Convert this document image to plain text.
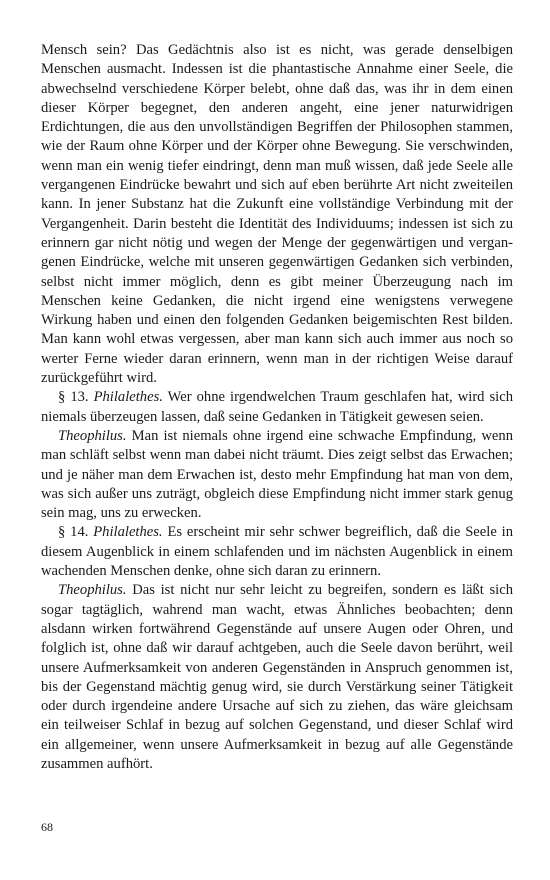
Mensch sein? Das Gedächtnis also ist es nicht, was gerade denselbigen Menschen ausmacht. Indessen ist die phantastische Annahme einer Seele, die abwechselnd verschiedene Körper belebt, ohne daß das, was ihr in dem einen dieser Körper begegnet, den anderen angeht, eine jener naturwidrigen Erdichtungen, die aus den unvollständigen Begriffen der Philosophen stammen, wie der Raum ohne Körper und der Körper ohne Bewegung. Sie verschwinden, wenn man ein wenig tiefer eindringt, denn man muß wissen, daß jede Seele alle vergangenen Eindrücke bewahrt und sich auf eben berührte Art nicht zweiteilen kann. In jener Substanz hat die Zukunft eine vollständige Verbindung mit der Vergangenheit. Darin besteht die Identität des Individuums; indessen ist sich zu erinnern gar nicht nötig und wegen der Menge der gegenwärtigen und vergangenen Eindrücke, welche mit unseren gegenwärtigen Gedanken sich verbinden, selbst nicht immer möglich, denn es gibt meiner Überzeugung nach im Menschen keine Gedanken, die nicht irgend eine wenigstens verwegene Wirkung haben und einen den folgenden Gedanken beigemischten Rest bilden. Man kann wohl etwas vergessen, aber man kann sich auch immer aus noch so werter Ferne wieder daran erinnern, wenn man in der richtigen Weise darauf zurückgeführt wird.

§ 13. Philalethes. Wer ohne irgendwelchen Traum geschlafen hat, wird sich niemals überzeugen lassen, daß seine Gedanken in Tätigkeit gewesen seien.

Theophilus. Man ist niemals ohne irgend eine schwache Empfindung, wenn man schläft selbst wenn man dabei nicht träumt. Dies zeigt selbst das Erwachen; und je näher man dem Erwachen ist, desto mehr Empfindung hat man von dem, was sich außer uns zuträgt, obgleich diese Empfindung nicht immer stark genug sein mag, uns zu erwecken.

§ 14. Philalethes. Es erscheint mir sehr schwer begreiflich, daß die Seele in diesem Augenblick in einem schlafenden und im nächsten Augenblick in einem wachenden Menschen denke, ohne sich daran zu erinnern.

Theophilus. Das ist nicht nur sehr leicht zu begreifen, sondern es läßt sich sogar tagtäglich, wahrend man wacht, etwas Ähnliches beobachten; denn alsdann wirken fortwährend Gegenstände auf unsere Augen oder Ohren, und folglich ist, ohne daß wir darauf achtgeben, auch die Seele davon berührt, weil unsere Aufmerksamkeit von anderen Gegenständen in Anspruch genommen ist, bis der Gegenstand mächtig genug wird, sie durch Verstärkung seiner Tätigkeit oder durch irgendeine andere Ursache auf sich zu ziehen, das wäre gleichsam ein teilweiser Schlaf in bezug auf solchen Gegenstand, und dieser Schlaf wird ein allgemeiner, wenn unsere Aufmerksamkeit in bezug auf alle Gegenstände zusammen aufhört.

68
